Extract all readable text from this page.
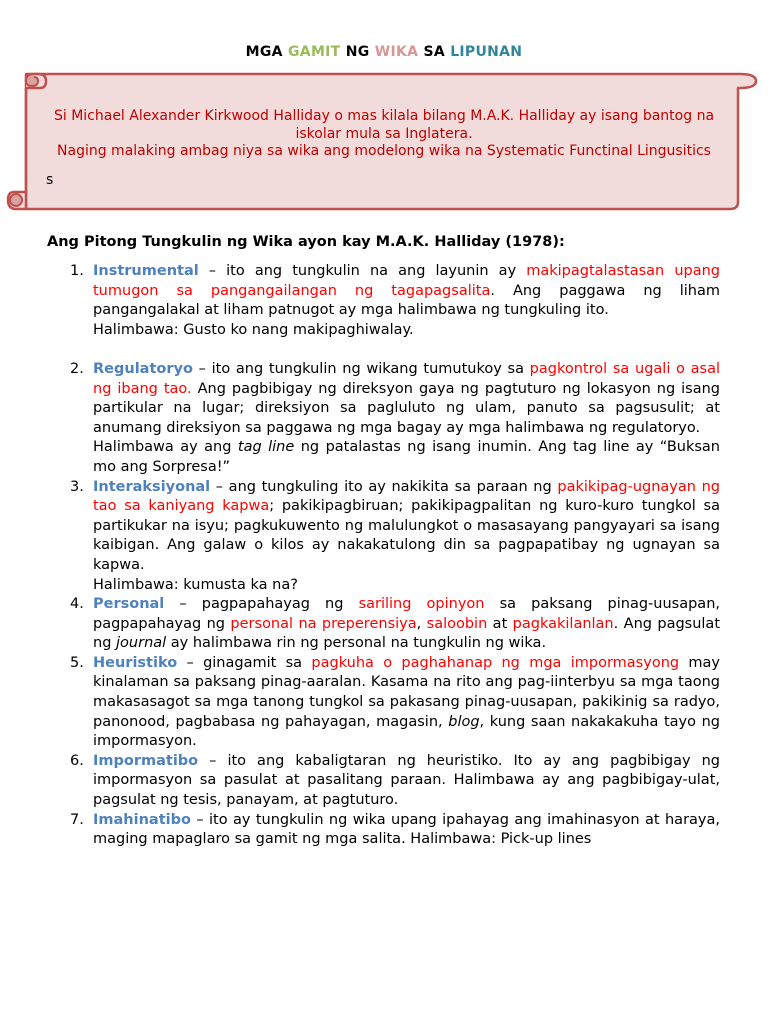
MGA GAMIT NG WIKA SA LIPUNAN
Si Michael Alexander Kirkwood Halliday o mas kilala bilang M.A.K. Halliday ay isang bantog na iskolar mula sa Inglatera.
Naging malaking ambag niya sa wika ang modelong wika na Systematic Functinal Lingusitics
s
Ang Pitong Tungkulin ng Wika ayon kay M.A.K. Halliday (1978):
1. Instrumental – ito ang tungkulin na ang layunin ay makipagtalastasan upang tumugon sa pangangailangan ng tagapagsalita. Ang paggawa ng liham pangangalakal at liham patnugot ay mga halimbawa ng tungkuling ito.

Halimbawa: Gusto ko nang makipaghiwalay.

2. Regulatoryo – ito ang tungkulin ng wikang tumutukoy sa pagkontrol sa ugali o asal ng ibang tao. Ang pagbibigay ng direksyon gaya ng pagtuturo ng lokasyon ng isang partikular na lugar; direksiyon sa pagluluto ng ulam, panuto sa pagsusulit; at anumang direksiyon sa paggawa ng mga bagay ay mga halimbawa ng regulatoryo.

Halimbawa ay ang tag line ng patalastas ng isang inumin. Ang tag line ay “Buksan mo ang Sorpresa!”

3. Interaksiyonal – ang tungkuling ito ay nakikita sa paraan ng pakikipag-ugnayan ng tao sa kaniyang kapwa; pakikipagbiruan; pakikipagpalitan ng kuro-kuro tungkol sa partikukar na isyu; pagkukuwento ng malulungkot o masasayang pangyayari sa isang kaibigan. Ang galaw o kilos ay nakakatulong din sa pagpapatibay ng ugnayan sa kapwa.

Halimbawa: kumusta ka na?

4. Personal – pagpapahayag ng sariling opinyon sa paksang pinag-uusapan, pagpapahayag ng personal na preperensiya, saloobin at pagkakilanlan. Ang pagsulat ng journal ay halimbawa rin ng personal na tungkulin ng wika.
5. Heuristiko – ginagamit sa pagkuha o paghahanap ng mga impormasyong may kinalaman sa paksang pinag-aaralan. Kasama na rito ang pag-iinterbyu sa mga taong makasasagot sa mga tanong tungkol sa pakasang pinag-uusapan, pakikinig sa radyo, panonood, pagbabasa ng pahayagan, magasin, blog, kung saan nakakakuha tayo ng impormasyon.
6. Impormatibo – ito ang kabaligtaran ng heuristiko. Ito ay ang pagbibigay ng impormasyon sa pasulat at pasalitang paraan. Halimbawa ay ang pagbibigay-ulat, pagsulat ng tesis, panayam, at pagtuturo.
7. Imahinatibo – ito ay tungkulin ng wika upang ipahayag ang imahinasyon at haraya, maging mapaglaro sa gamit ng mga salita. Halimbawa: Pick-up lines
